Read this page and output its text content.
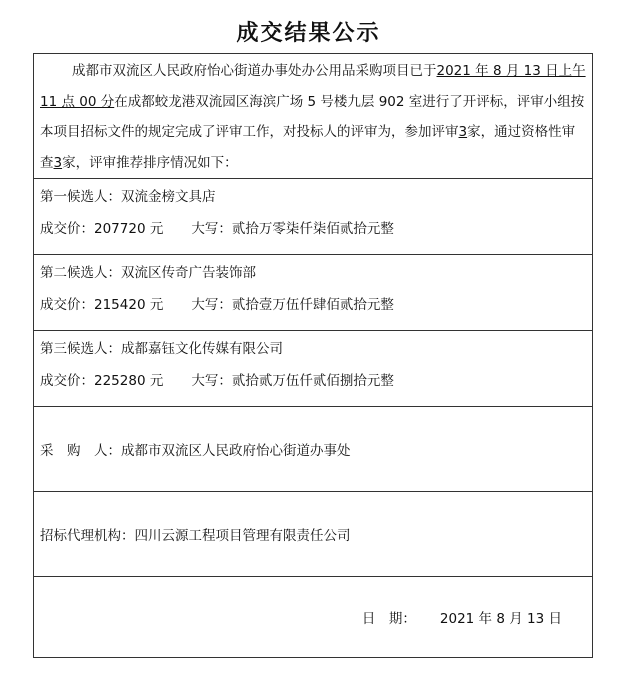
成交结果公示
成都市双流区人民政府怡心街道办事处办公用品采购项目已于2021 年 8 月 13 日上午 11 点 00 分在成都蛟龙港双流园区海滨广场 5 号楼九层 902 室进行了开评标，评审小组按本项目招标文件的规定完成了评审工作，对投标人的评审为，参加评审3家，通过资格性审查3家，评审推荐排序情况如下：

第一候选人：双流金榜文具店
成交价：207720 元 大写：贰拾万零柒仟柒佰贰拾元整

第二候选人：双流区传奇广告装饰部
成交价：215420 元 大写：贰拾壹万伍仟肆佰贰拾元整

第三候选人：成都嘉钰文化传媒有限公司
成交价：225280 元 大写：贰拾贰万伍仟贰佰捌拾元整

采　购　人：成都市双流区人民政府怡心街道办事处
招标代理机构：四川云源工程项目管理有限责任公司
日　期： 2021 年 8 月 13 日
